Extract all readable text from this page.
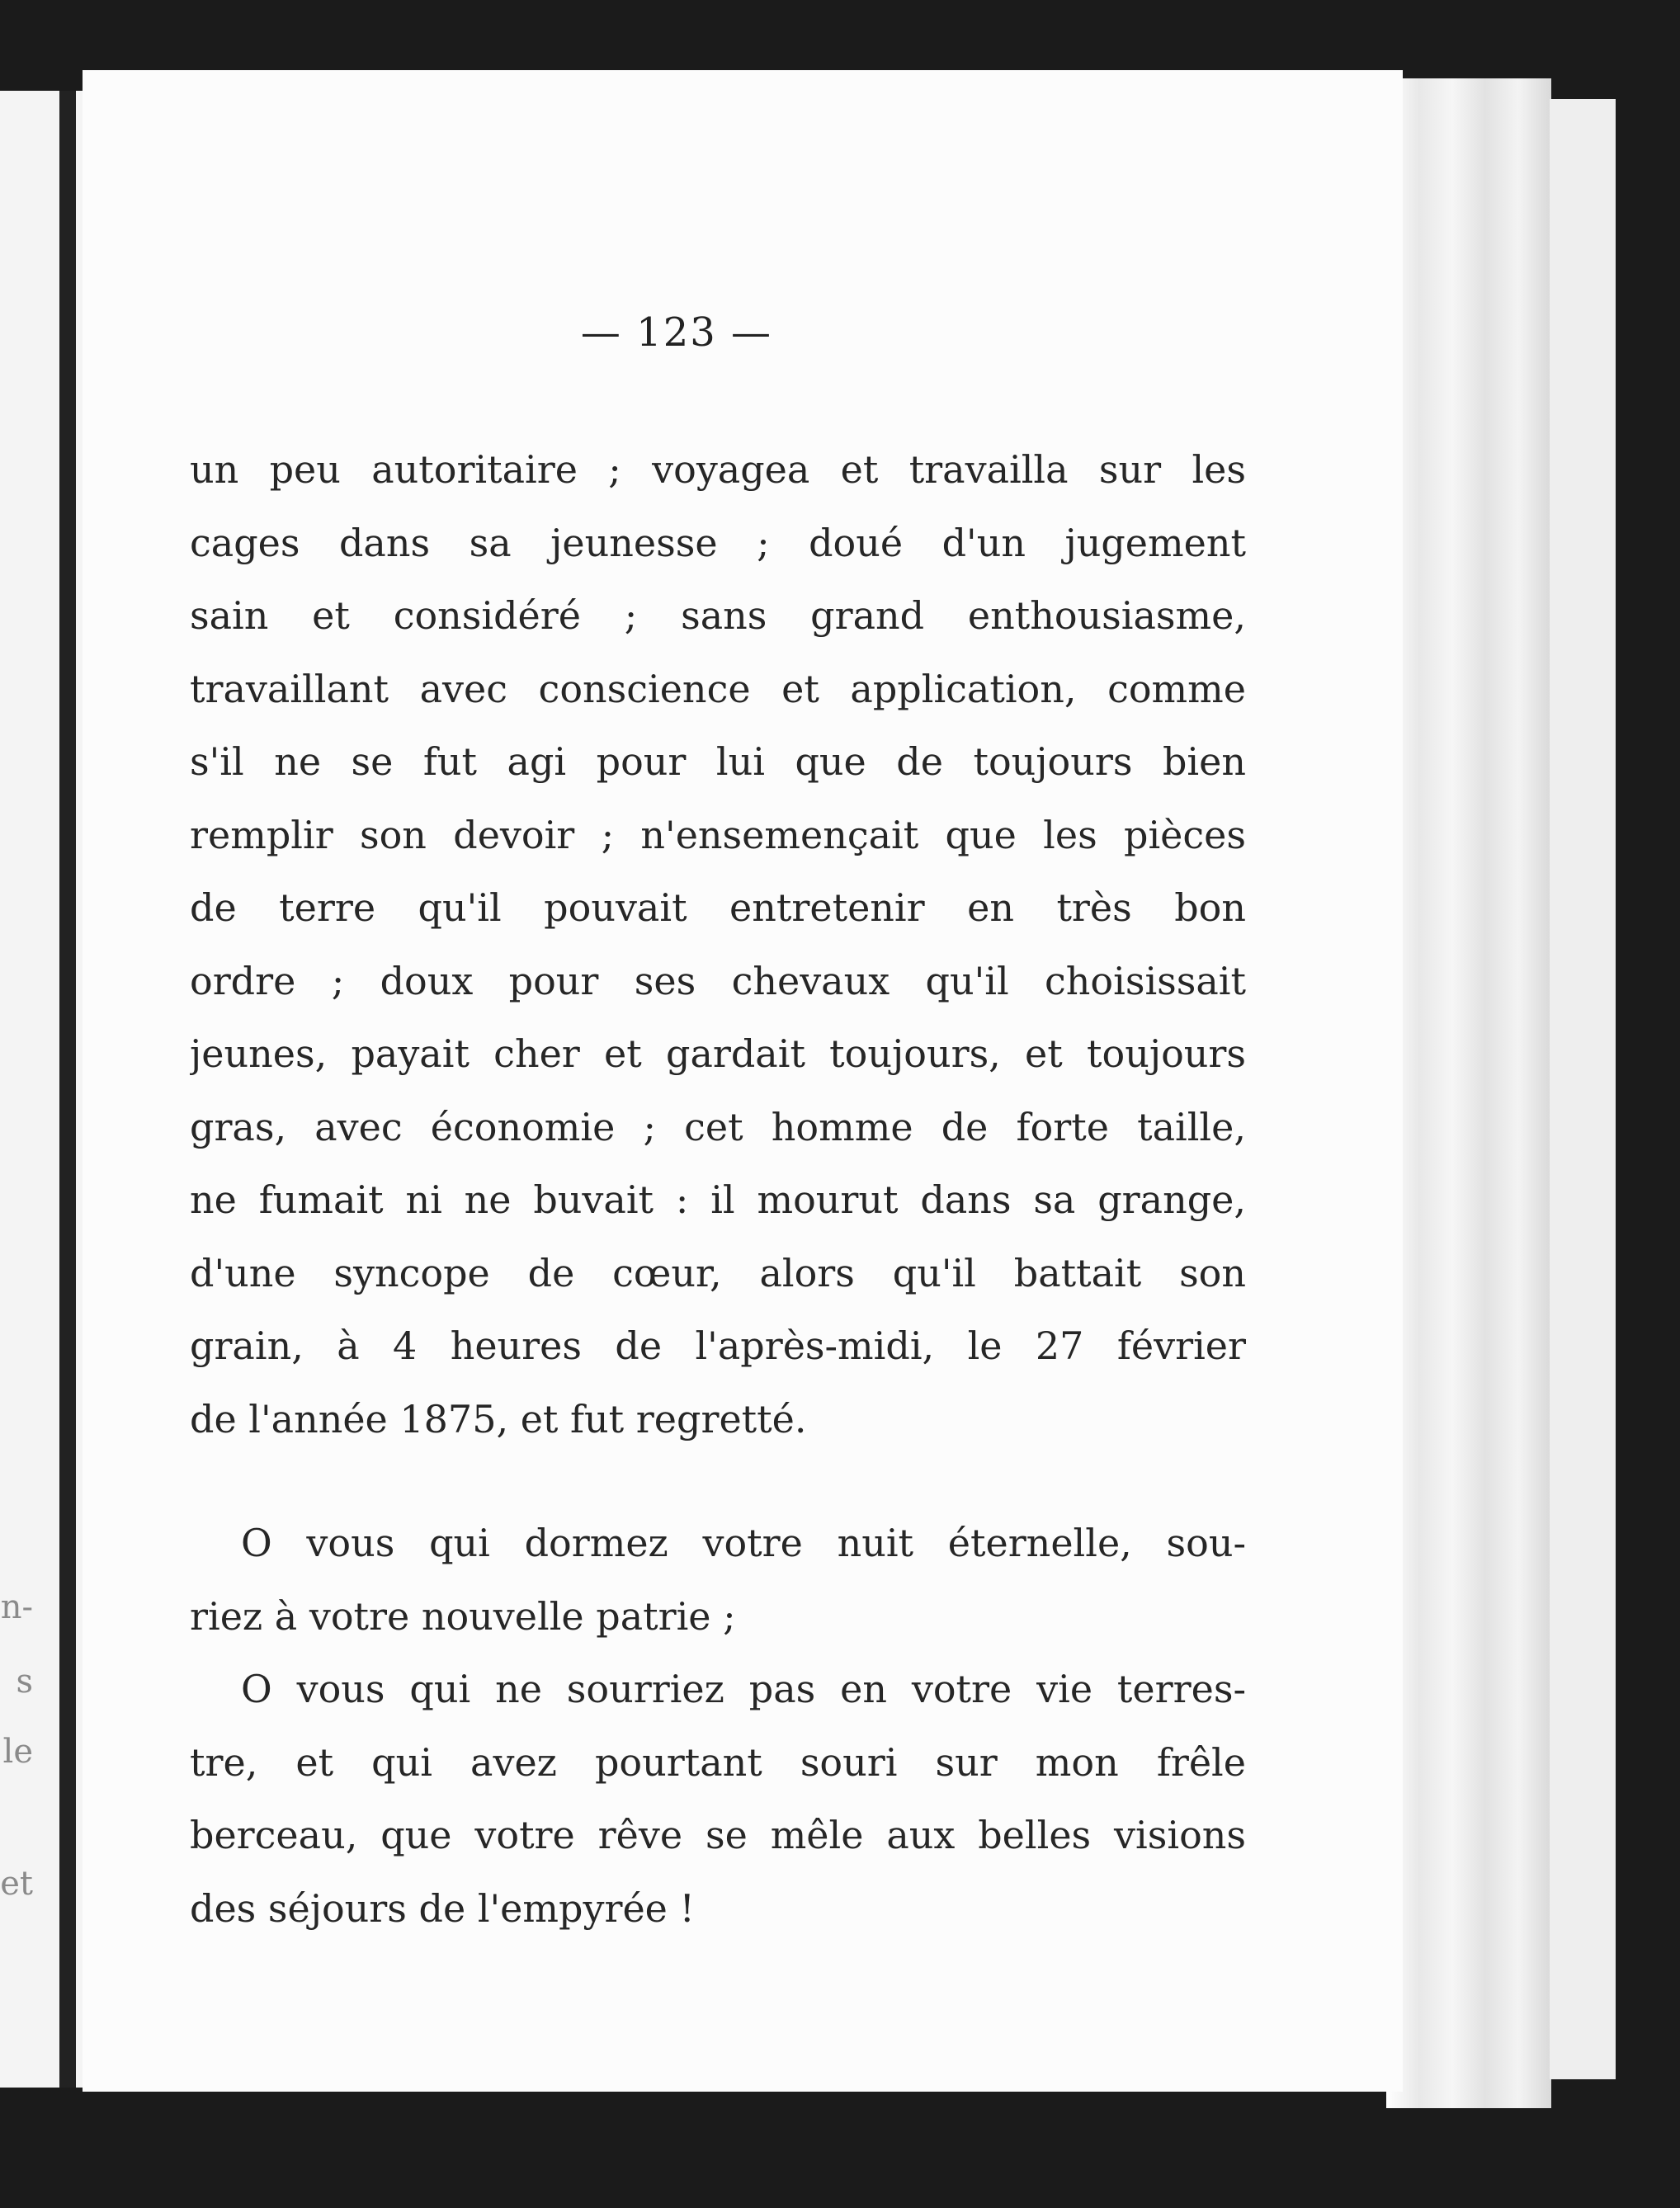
n-
s
le
et
— 123 —
un peu autoritaire ; voyagea et travailla sur les
cages dans sa jeunesse ; doué d'un jugement
sain et considéré ; sans grand enthousiasme,
travaillant avec conscience et application, comme
s'il ne se fut agi pour lui que de toujours bien
remplir son devoir ; n'ensemençait que les pièces
de terre qu'il pouvait entretenir en très bon
ordre ; doux pour ses chevaux qu'il choisissait
jeunes, payait cher et gardait toujours, et toujours
gras, avec économie ; cet homme de forte taille,
ne fumait ni ne buvait : il mourut dans sa grange,
d'une syncope de cœur, alors qu'il battait son
grain, à 4 heures de l'après-midi, le 27 février
de l'année 1875, et fut regretté.
O vous qui dormez votre nuit éternelle, sou-
riez à votre nouvelle patrie ;
O vous qui ne sourriez pas en votre vie terres-
tre, et qui avez pourtant souri sur mon frêle
berceau, que votre rêve se mêle aux belles visions
des séjours de l'empyrée !
